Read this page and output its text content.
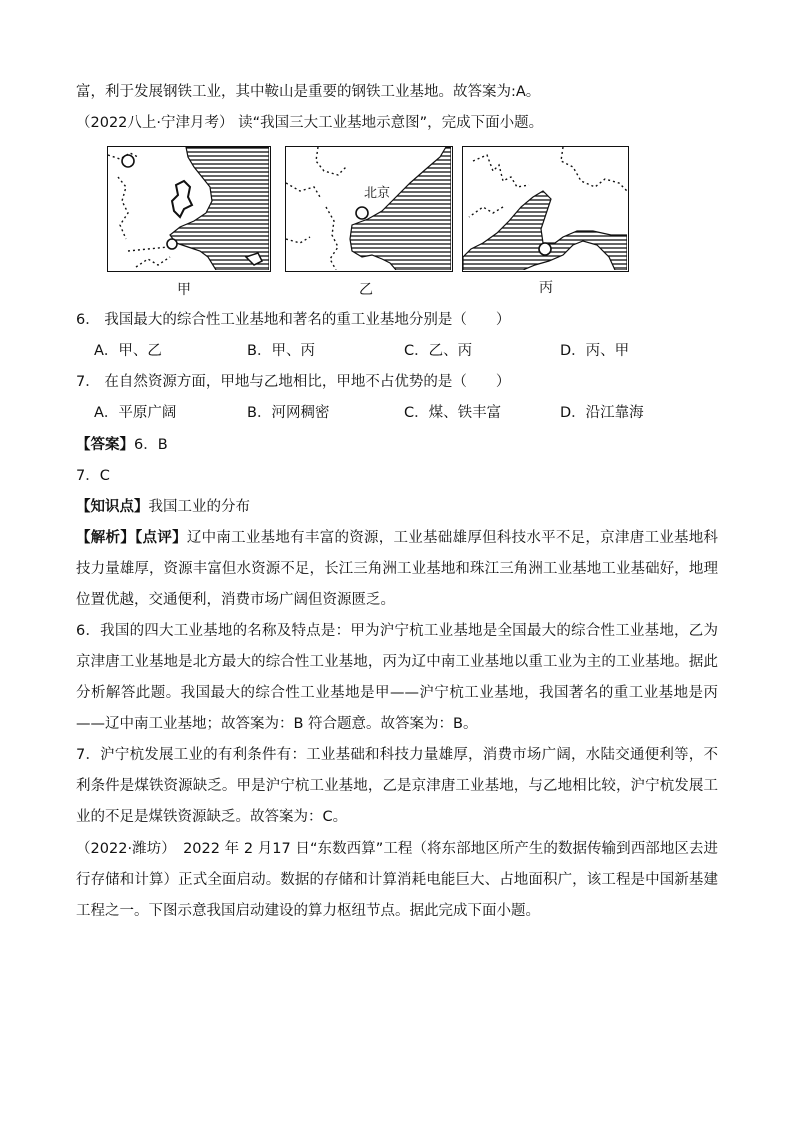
富，利于发展钢铁工业，其中鞍山是重要的钢铁工业基地。故答案为:A。
（2022八上·宁津月考） 读“我国三大工业基地示意图”，完成下面小题。
甲
北京
乙	丙
6． 我国最大的综合性工业基地和著名的重工业基地分别是（　　）
A．甲、乙	B．甲、丙	C．乙、丙	D．丙、甲
7． 在自然资源方面，甲地与乙地相比，甲地不占优势的是（　　）
A．平原广阔	B．河网稠密	C．煤、铁丰富	D．沿江靠海
【答案】6．B
7．C
【知识点】我国工业的分布
【解析】【点评】辽中南工业基地有丰富的资源，工业基础雄厚但科技水平不足，京津唐工业基地科技力量雄厚，资源丰富但水资源不足，长江三角洲工业基地和珠江三角洲工业基地工业基础好，地理位置优越，交通便利，消费市场广阔但资源匮乏。
6．我国的四大工业基地的名称及特点是：甲为沪宁杭工业基地是全国最大的综合性工业基地，乙为京津唐工业基地是北方最大的综合性工业基地，丙为辽中南工业基地以重工业为主的工业基地。据此分析解答此题。我国最大的综合性工业基地是甲——沪宁杭工业基地，我国著名的重工业基地是丙——辽中南工业基地；故答案为：B 符合题意。故答案为：B。
7．沪宁杭发展工业的有利条件有：工业基础和科技力量雄厚，消费市场广阔，水陆交通便利等，不利条件是煤铁资源缺乏。甲是沪宁杭工业基地，乙是京津唐工业基地，与乙地相比较，沪宁杭发展工业的不足是煤铁资源缺乏。故答案为：C。
（2022·潍坊）　2022 年 2 月17 日“东数西算”工程（将东部地区所产生的数据传输到西部地区去进行存储和计算）正式全面启动。数据的存储和计算消耗电能巨大、占地面积广，该工程是中国新基建工程之一。下图示意我国启动建设的算力枢纽节点。据此完成下面小题。
